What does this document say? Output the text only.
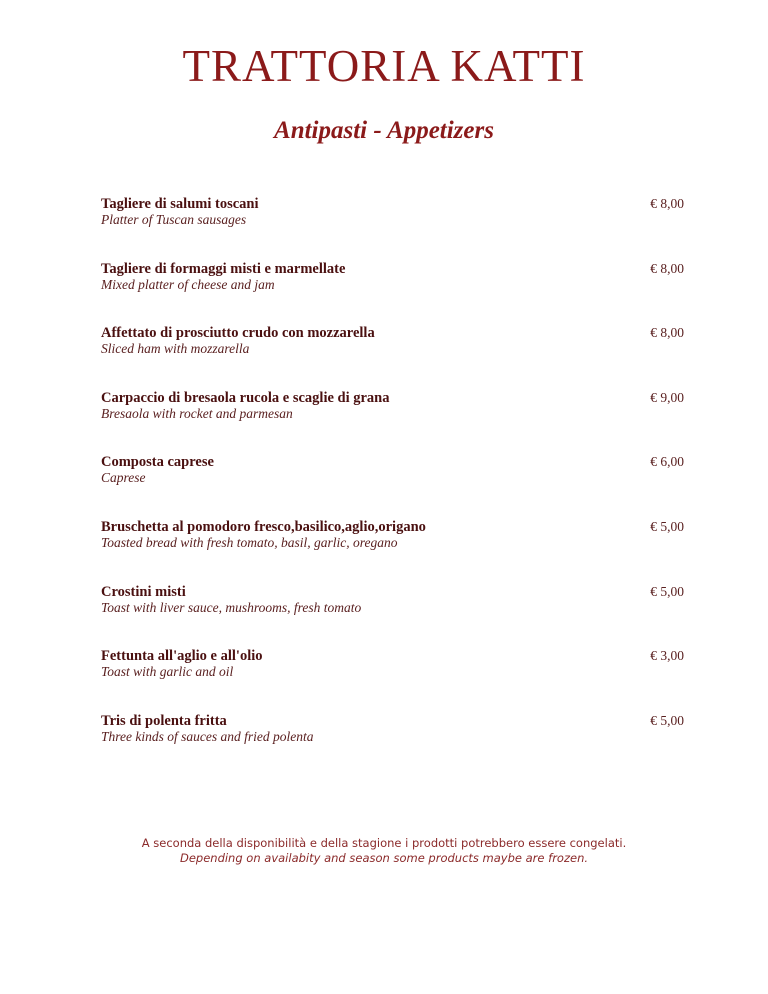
TRATTORIA KATTI
Antipasti - Appetizers
Tagliere di salumi toscani
Platter of Tuscan sausages
€ 8,00
Tagliere di formaggi misti e marmellate
Mixed platter of cheese and jam
€ 8,00
Affettato di prosciutto crudo con mozzarella
Sliced ham with mozzarella
€ 8,00
Carpaccio di bresaola rucola e scaglie di grana
Bresaola with rocket and parmesan
€ 9,00
Composta caprese
Caprese
€ 6,00
Bruschetta al pomodoro fresco,basilico,aglio,origano
Toasted bread with fresh tomato, basil, garlic, oregano
€ 5,00
Crostini misti
Toast with liver sauce, mushrooms, fresh tomato
€ 5,00
Fettunta all'aglio e all'olio
Toast with garlic and oil
€ 3,00
Tris di polenta fritta
Three kinds of sauces and fried polenta
€ 5,00
A seconda della disponibilità e della stagione i prodotti potrebbero essere congelati.
Depending on availabity and season some products maybe are frozen.
